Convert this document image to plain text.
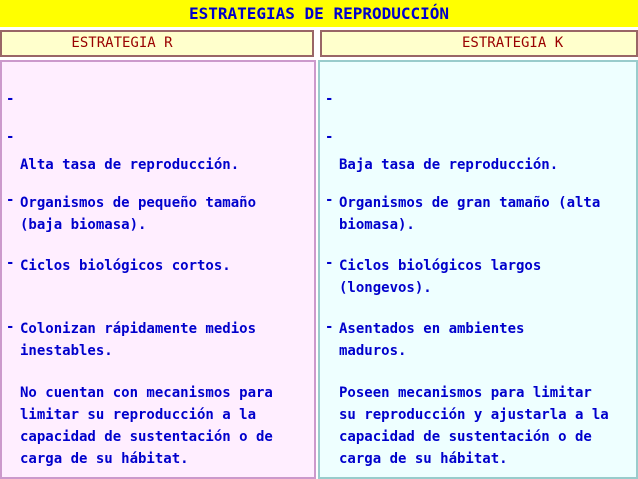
ESTRATEGIAS DE REPRODUCCIÓN
ESTRATEGIA R	ESTRATEGIA K

-

Alta tasa de reproducción.

-

Organismos de pequeño tamaño
(baja biomasa).

-

Ciclos biológicos cortos.

-

Colonizan rápidamente medios
inestables.

-

No cuentan con mecanismos para
limitar su reproducción a la
capacidad de sustentación o de
carga de su hábitat.

-

Baja tasa de reproducción.

-

Organismos de gran tamaño (alta
biomasa).

-

Ciclos biológicos largos
(longevos).

-

Asentados en ambientes
maduros.

-

Poseen mecanismos para limitar
su reproducción y ajustarla a la
capacidad de sustentación o de
carga de su hábitat.
